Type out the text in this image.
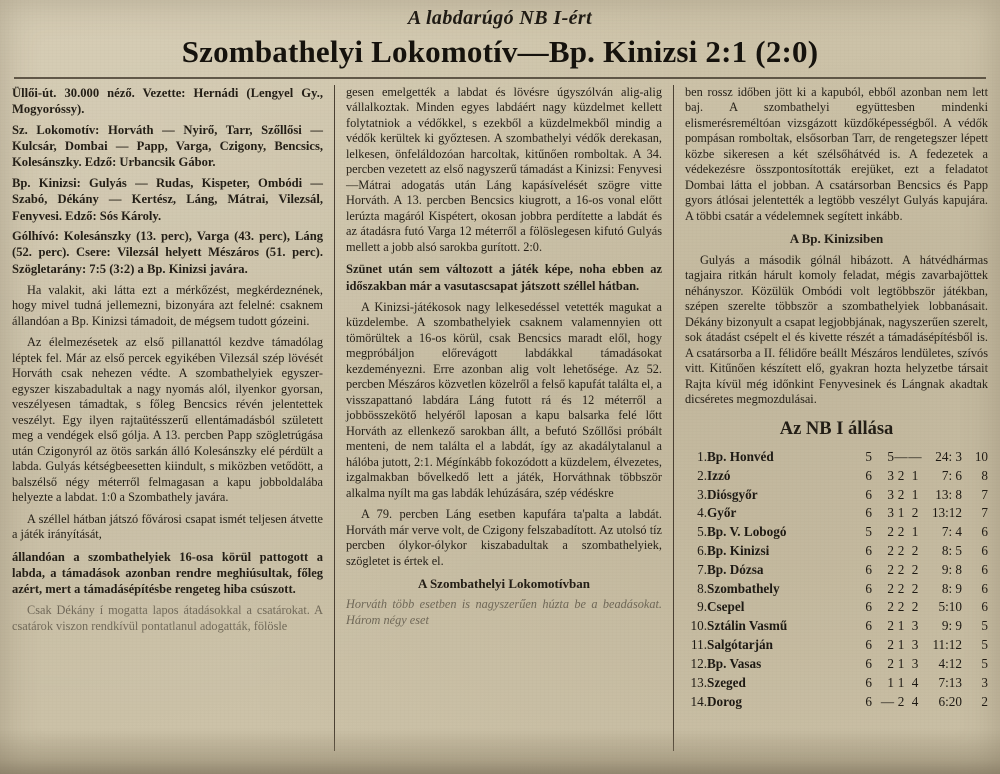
A labdarúgó NB I-ért
Szombathelyi Lokomotív—Bp. Kinizsi 2:1 (2:0)

Üllői-út. 30.000 néző. Vezette: Hernádi (Lengyel Gy., Mogyoróssy).

Sz. Lokomotív: Horváth — Nyirő, Tarr, Szőllősi — Kulcsár, Dombai — Papp, Varga, Czigony, Bencsics, Kolesánszky. Edző: Urbancsik Gábor.

Bp. Kinizsi: Gulyás — Rudas, Kispeter, Ombódi — Szabó, Dékány — Kertész, Láng, Mátrai, Vilezsál, Fenyvesi. Edző: Sós Károly.

Gólhívó: Kolesánszky (13. perc), Varga (43. perc), Láng (52. perc). Csere: Vilezsál helyett Mészáros (51. perc). Szögletarány: 7:5 (3:2) a Bp. Kinizsi javára.

Ha valakit, aki látta ezt a mérkőzést, megkérdeznének, hogy mivel tudná jellemezni, bizonyára azt felelné: csaknem állandóan a Bp. Kinizsi támadoit, de mégsem tudott gózeini.

Az élelmezésetek az első pillanattól kezdve támadólag léptek fel. Már az első percek egyikében Vilezsál szép lövését Horváth csak nehezen védte. A szombathelyiek egyszer-egyszer kiszabadultak a nagy nyomás alól, ilyenkor gyorsan, veszélyesen támadtak, s főleg Bencsics révén jelentettek veszélyt. Egy ilyen rajtaütésszerű ellentámadásból született meg a vendégek első gólja. A 13. percben Papp szögletrúgása után Czigonyról az ötös sarkán álló Kolesánszky elé pérdült a labda. Gulyás kétségbeesetten kiindult, s miközben vetődött, a balszélső négy méterről felmagasan a kapu jobboldalába helyezte a labdat. 1:0 a Szombathely javára.

A széllel hátban játszó fővárosi csapat ismét teljesen átvette a játék irányítását,

állandóan a szombathelyiek 16-osa körül pattogott a labda, a támadások azonban rendre meghiúsultak, főleg azért, mert a támadásépítésbe rengeteg hiba csúszott.

Csak Dékány í mogatta lapos átadásokkal a csatárokat. A csatárok viszon rendkívül pontatlanul adogatták, fölösle

gesen emelgették a labdat és lövésre úgyszólván alig-alig vállalkoztak. Minden egyes labdáért nagy küzdelmet kellett folytatniok a védőkkel, s ezekből a küzdelmekből mindig a védők kerültek ki győztesen. A szombathelyi védők derekasan, lelkesen, önfeláldozóan harcoltak, kitűnően romboltak. A 34. percben vezetett az első nagyszerű támadást a Kinizsi: Fenyvesi—Mátrai adogatás után Láng kapásívelését szögre vitte Horváth. A 13. percben Bencsics kiugrott, a 16-os vonal előtt lerúzta magáról Kispétert, okosan jobbra perdítette a labdát és az átadásra futó Varga 12 méterről a fölöslegesen kifutó Gulyás mellett a jobb alsó sarokba gurított. 2:0.

Szünet után sem változott a játék képe, noha ebben az időszakban már a vasutascsapat játszott széllel hátban.

A Kinizsi-játékosok nagy lelkesedéssel vetették magukat a küzdelembe. A szombathelyiek csaknem valamennyien ott tömörültek a 16-os körül, csak Bencsics maradt elől, hogy megpróbáljon előrevágott labdákkal támadásokat kezdeményezni. Erre azonban alig volt lehetősége. Az 52. percben Mészáros közvetlen közelről a felső kapufát találta el, a visszapattanó labdára Láng futott rá és 12 méterről a jobbösszekötő helyéről laposan a kapu balsarka felé lőtt Horváth az ellenkező sarokban állt, a befutó Szőllősi próbált menteni, de nem találta el a labdát, így az akadálytalanul a hálóba jutott, 2:1. Mégínkább fokozódott a küzdelem, élvezetes, izgalmakban bővelkedő lett a játék, Horváthnak többször alkalma nyílt ma gas labdák lehúzására, szép védéskre

A 79. percben Láng esetben kapufára ta'palta a labdát. Horváth már verve volt, de Czigony felszabadított. Az utolsó tíz percben ólykor-ólykor kiszabadultak a szombathelyiek, szögletet is értek el.

A Szombathelyi Lokomotívban

Horváth több esetben is nagyszerűen húzta be a beadásokat. Három négy eset

ben rossz időben jött ki a kapuból, ebből azonban nem lett baj. A szombathelyi együttesben mindenki elismerésreméltóan vizsgázott küzdőképességből. A védők pompásan romboltak, elsősorban Tarr, de rengetegszer lépett közbe sikeresen a két szélsőhátvéd is. A fedezetek a védekezésre összpontosították erejüket, ezt a feladatot Dombai látta el jobban. A csatársorban Bencsics és Papp gyors átlósai jelentették a legtöbb veszélyt Gulyás kapujára. A többi csatár a védelemnek segített inkább.

A Bp. Kinizsiben

Gulyás a második gólnál hibázott. A hátvédhármas tagjaira ritkán hárult komoly feladat, mégis zavarbajöttek néhányszor. Közülük Ombódi volt legtöbbször játékban, szépen szerelte többször a szombathelyiek lobbanásait. Dékány bizonyult a csapat legjobbjának, nagyszerűen szerelt, sok átadást csépelt el és kivette részét a támadásépítésből is. A csatársorba a II. félidőre beállt Mészáros lendületes, szívós vitt. Kitűnően készített elő, gyakran hozta helyzetbe társait Rajta kívül még időnkint Fenyvesinek és Lángnak akadtak dicséretes megmozdulásai.

Az NB I állása
1.	Bp. Honvéd	5	5	—	—	24: 3	10
2.	Izzó	6	3	2	1	7: 6	8
3.	Diósgyőr	6	3	2	1	13: 8	7
4.	Győr	6	3	1	2	13:12	7
5.	Bp. V. Lobogó	5	2	2	1	7: 4	6
6.	Bp. Kinizsi	6	2	2	2	8: 5	6
7.	Bp. Dózsa	6	2	2	2	9: 8	6
8.	Szombathely	6	2	2	2	8: 9	6
9.	Csepel	6	2	2	2	5:10	6
10.	Sztálin Vasmű	6	2	1	3	9: 9	5
11.	Salgótarján	6	2	1	3	11:12	5
12.	Bp. Vasas	6	2	1	3	4:12	5
13.	Szeged	6	1	1	4	7:13	3
14.	Dorog	6	—	2	4	6:20	2
